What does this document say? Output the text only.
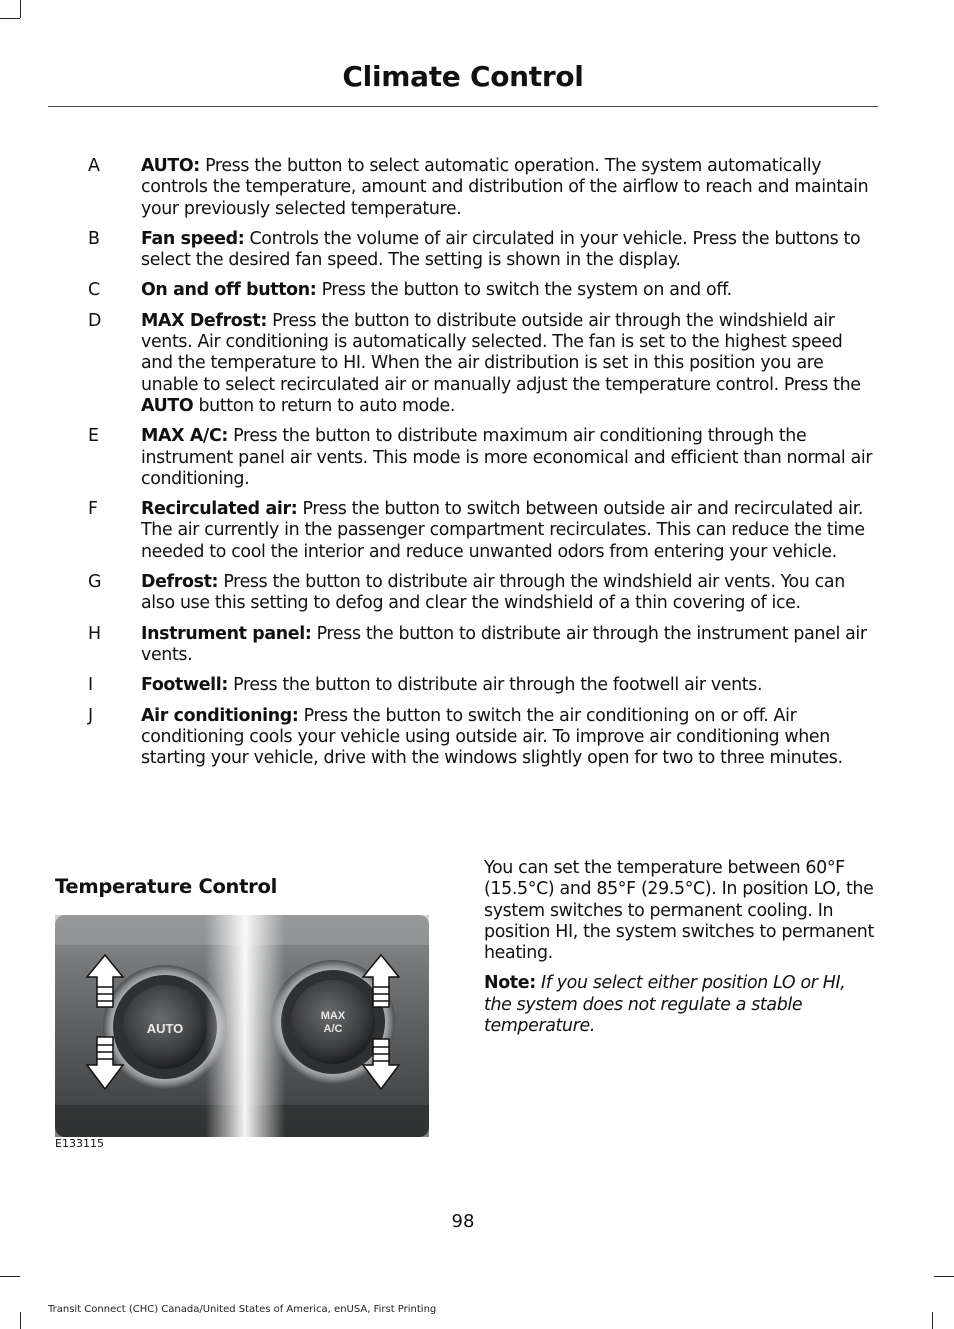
Climate Control
A	AUTO: Press the button to select automatic operation. The system automatically controls the temperature, amount and distribution of the airflow to reach and maintain your previously selected temperature.
B	Fan speed: Controls the volume of air circulated in your vehicle. Press the buttons to select the desired fan speed. The setting is shown in the display.
C	On and off button: Press the button to switch the system on and off.
D	MAX Defrost: Press the button to distribute outside air through the windshield air vents. Air conditioning is automatically selected. The fan is set to the highest speed and the temperature to HI. When the air distribution is set in this position you are unable to select recirculated air or manually adjust the temperature control. Press the AUTO button to return to auto mode.
E	MAX A/C: Press the button to distribute maximum air conditioning through the instrument panel air vents. This mode is more economical and efficient than normal air conditioning.
F	Recirculated air: Press the button to switch between outside air and recirculated air. The air currently in the passenger compartment recirculates. This can reduce the time needed to cool the interior and reduce unwanted odors from entering your vehicle.
G	Defrost: Press the button to distribute air through the windshield air vents. You can also use this setting to defog and clear the windshield of a thin covering of ice.
H	Instrument panel: Press the button to distribute air through the instrument panel air vents.
I	Footwell: Press the button to distribute air through the footwell air vents.
J	Air conditioning: Press the button to switch the air conditioning on or off. Air conditioning cools your vehicle using outside air. To improve air conditioning when starting your vehicle, drive with the windows slightly open for two to three minutes.
Temperature Control
AUTO
MAX
A/C
E133115

You can set the temperature between 60°F (15.5°C) and 85°F (29.5°C). In position LO, the system switches to permanent cooling. In position HI, the system switches to permanent heating.

Note: If you select either position LO or HI, the system does not regulate a stable temperature.

98
Transit Connect (CHC) Canada/United States of America, enUSA, First Printing
